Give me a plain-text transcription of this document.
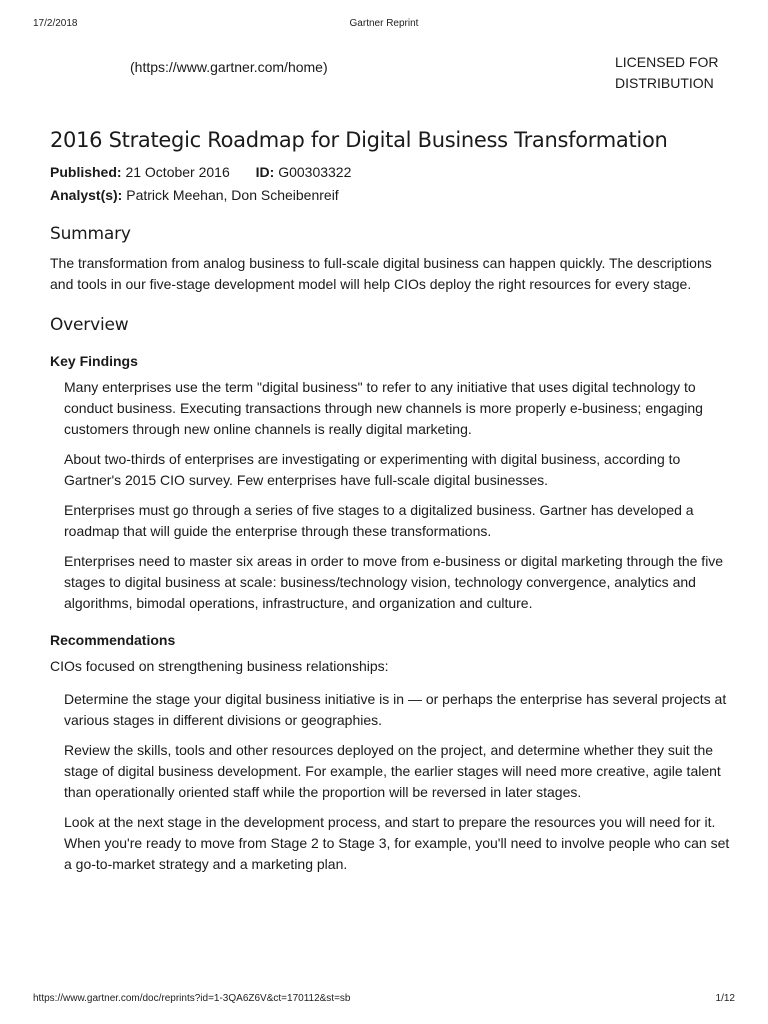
17/2/2018	Gartner Reprint
(https://www.gartner.com/home)	LICENSED FOR
DISTRIBUTION
2016 Strategic Roadmap for Digital Business Transformation
Published: 21 October 2016 ID: G00303322
Analyst(s): Patrick Meehan, Don Scheibenreif
Summary

The transformation from analog business to full-scale digital business can happen quickly. The descriptions and tools in our five-stage development model will help CIOs deploy the right resources for every stage.

Overview
Key Findings

Many enterprises use the term "digital business" to refer to any initiative that uses digital technology to conduct business. Executing transactions through new channels is more properly e-business; engaging customers through new online channels is really digital marketing.

About two-thirds of enterprises are investigating or experimenting with digital business, according to Gartner's 2015 CIO survey. Few enterprises have full-scale digital businesses.

Enterprises must go through a series of five stages to a digitalized business. Gartner has developed a roadmap that will guide the enterprise through these transformations.

Enterprises need to master six areas in order to move from e-business or digital marketing through the five stages to digital business at scale: business/technology vision, technology convergence, analytics and algorithms, bimodal operations, infrastructure, and organization and culture.

Recommendations

CIOs focused on strengthening business relationships:

Determine the stage your digital business initiative is in — or perhaps the enterprise has several projects at various stages in different divisions or geographies.

Review the skills, tools and other resources deployed on the project, and determine whether they suit the stage of digital business development. For example, the earlier stages will need more creative, agile talent than operationally oriented staff while the proportion will be reversed in later stages.

Look at the next stage in the development process, and start to prepare the resources you will need for it. When you're ready to move from Stage 2 to Stage 3, for example, you'll need to involve people who can set a go-to-market strategy and a marketing plan.

https://www.gartner.com/doc/reprints?id=1-3QA6Z6V&ct=170112&st=sb	1/12
